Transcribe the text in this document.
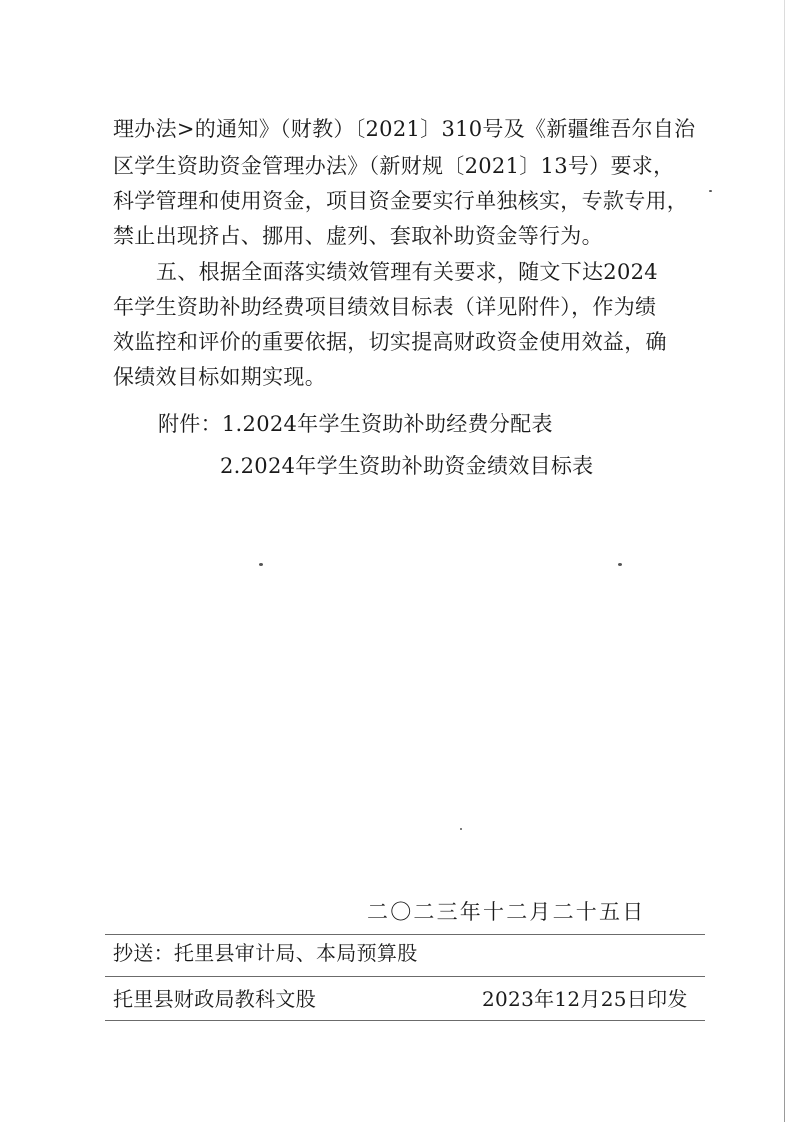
理办法>的通知》（财教）〔2021〕310号及《新疆维吾尔自治
区学生资助资金管理办法》（新财规〔2021〕13号）要求，
科学管理和使用资金，项目资金要实行单独核实，专款专用，
禁止出现挤占、挪用、虚列、套取补助资金等行为。
五、根据全面落实绩效管理有关要求，随文下达2024
年学生资助补助经费项目绩效目标表（详见附件），作为绩
效监控和评价的重要依据，切实提高财政资金使用效益，确
保绩效目标如期实现。
附件：1.2024年学生资助补助经费分配表
2.2024年学生资助补助资金绩效目标表
二〇二三年十二月二十五日
抄送：托里县审计局、本局预算股
托里县财政局教科文股	2023年12月25日印发
